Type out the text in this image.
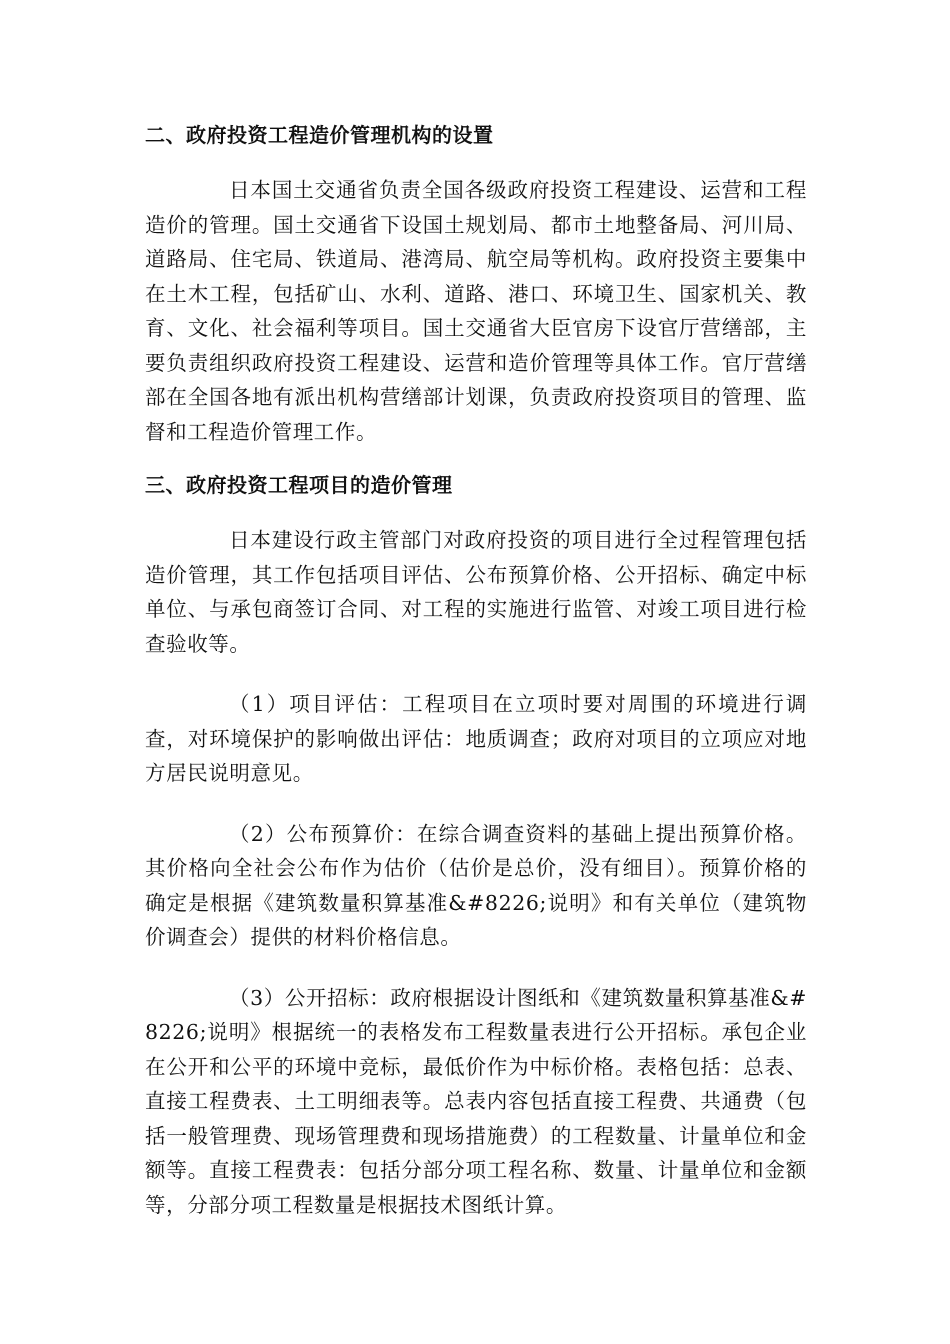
二、政府投资工程造价管理机构的设置

日本国土交通省负责全国各级政府投资工程建设、运营和工程造价的管理。国土交通省下设国土规划局、都市土地整备局、河川局、道路局、住宅局、铁道局、港湾局、航空局等机构。政府投资主要集中在土木工程，包括矿山、水利、道路、港口、环境卫生、国家机关、教育、文化、社会福利等项目。国土交通省大臣官房下设官厅营缮部，主要负责组织政府投资工程建设、运营和造价管理等具体工作。官厅营缮部在全国各地有派出机构营缮部计划课，负责政府投资项目的管理、监督和工程造价管理工作。

三、政府投资工程项目的造价管理

日本建设行政主管部门对政府投资的项目进行全过程管理包括造价管理，其工作包括项目评估、公布预算价格、公开招标、确定中标单位、与承包商签订合同、对工程的实施进行监管、对竣工项目进行检查验收等。

（1）项目评估：工程项目在立项时要对周围的环境进行调查，对环境保护的影响做出评估：地质调查；政府对项目的立项应对地方居民说明意见。

（2）公布预算价：在综合调查资料的基础上提出预算价格。其价格向全社会公布作为估价（估价是总价，没有细目）。预算价格的确定是根据《建筑数量积算基准&#8226;说明》和有关单位（建筑物价调查会）提供的材料价格信息。

（3）公开招标：政府根据设计图纸和《建筑数量积算基准&#8226;说明》根据统一的表格发布工程数量表进行公开招标。承包企业在公开和公平的环境中竞标，最低价作为中标价格。表格包括：总表、直接工程费表、土工明细表等。总表内容包括直接工程费、共通费（包括一般管理费、现场管理费和现场措施费）的工程数量、计量单位和金额等。直接工程费表：包括分部分项工程名称、数量、计量单位和金额等，分部分项工程数量是根据技术图纸计算。
